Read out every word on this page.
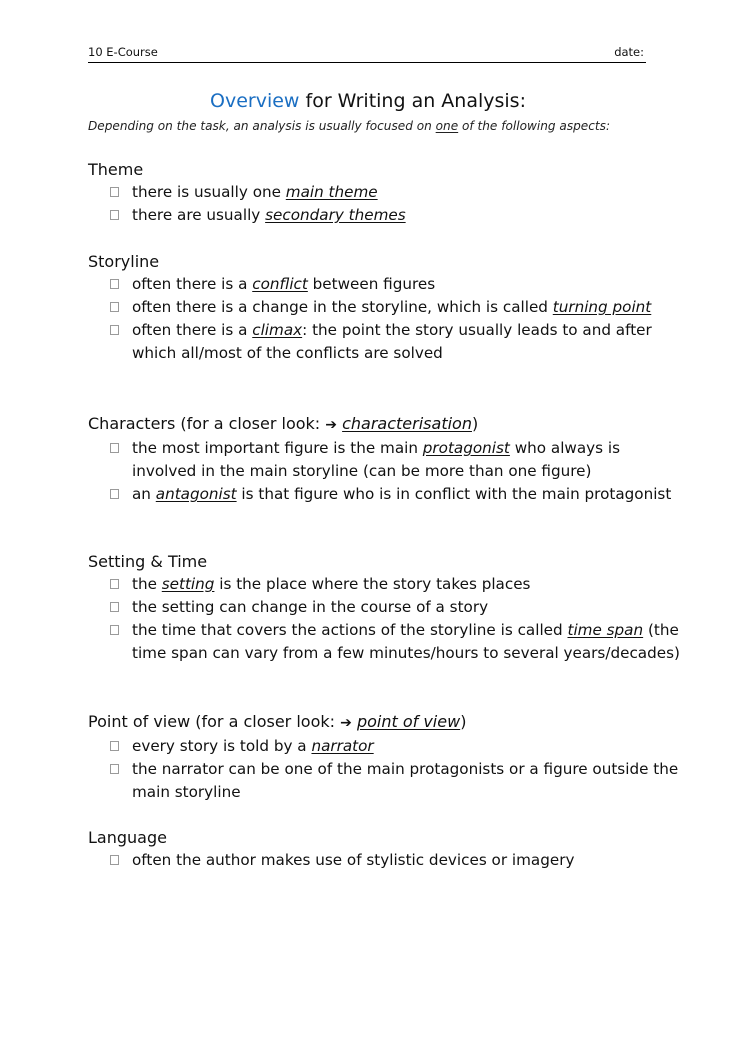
10 E-Course	date:
Overview for Writing an Analysis:
Depending on the task, an analysis is usually focused on one of the following aspects:
Theme
there is usually one main theme
there are usually secondary themes
Storyline
often there is a conflict between figures
often there is a change in the storyline, which is called turning point
often there is a climax: the point the story usually leads to and after which all/most of the conflicts are solved
Characters (for a closer look: ➔ characterisation)
the most important figure is the main protagonist who always is involved in the main storyline (can be more than one figure)
an antagonist is that figure who is in conflict with the main protagonist
Setting & Time
the setting is the place where the story takes places
the setting can change in the course of a story
the time that covers the actions of the storyline is called time span (the time span can vary from a few minutes/hours to several years/decades)
Point of view (for a closer look: ➔ point of view)
every story is told by a narrator
the narrator can be one of the main protagonists or a figure outside the main storyline
Language
often the author makes use of stylistic devices or imagery
